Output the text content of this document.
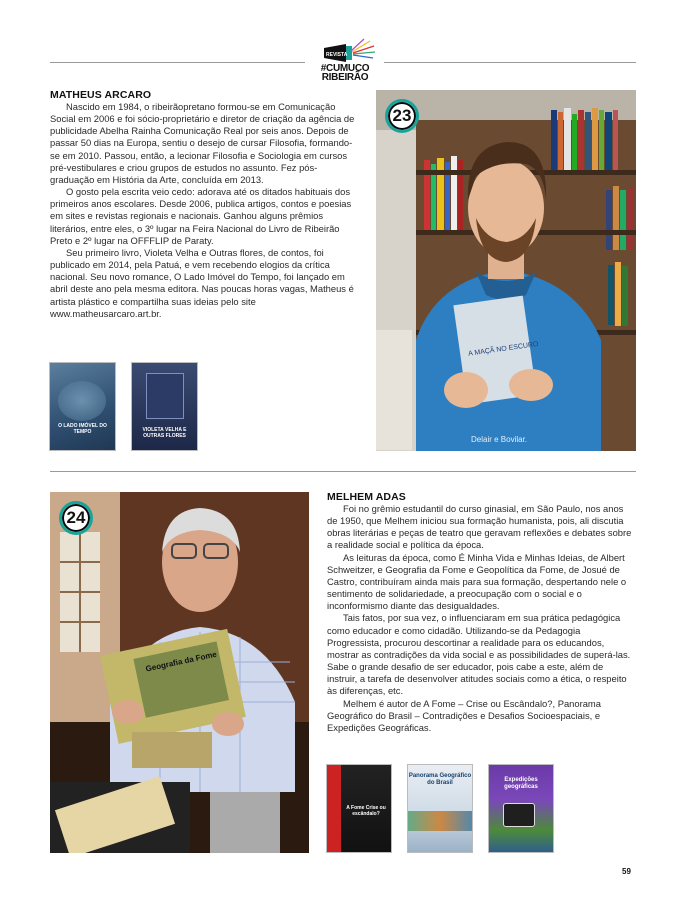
REVISTA
#CUMUCO
RIBEIRÃO
MATHEUS ARCARO

Nascido em 1984, o ribeirãopretano formou-se em Comunicação Social em 2006 e foi sócio-proprietário e diretor de criação da agência de publicidade Abelha Rainha Comunicação Real por seis anos. Depois de passar 50 dias na Europa, sentiu o desejo de cursar Filosofia, formando-se em 2010. Passou, então, a lecionar Filosofia e Sociologia em cursos pré-vestibulares e criou grupos de estudos no assunto. Fez pós-graduação em História da Arte, concluída em 2013.

O gosto pela escrita veio cedo: adorava até os ditados habituais dos primeiros anos escolares. Desde 2006, publica artigos, contos e poesias em sites e revistas regionais e nacionais. Ganhou alguns prêmios literários, entre eles, o 3º lugar na Feira Nacional do Livro de Ribeirão Preto e 2º lugar na OFFFLIP de Paraty.

Seu primeiro livro, Violeta Velha e Outras flores, de contos, foi publicado em 2014, pela Patuá, e vem recebendo elogios da crítica nacional. Seu novo romance, O Lado Imóvel do Tempo, foi lançado em abril deste ano pela mesma editora. Nas poucas horas vagas, Matheus é artista plástico e compartilha suas ideias pelo site www.matheusarcaro.art.br.

O LADO IMÓVEL DO TEMPO	VIOLETA VELHA E OUTRAS FLORES
A MAÇÃ NO ESCURO
Delair e Bovilar.
23
Geografia da Fome
24
MELHEM ADAS

Foi no grêmio estudantil do curso ginasial, em São Paulo, nos anos de 1950, que Melhem iniciou sua formação humanista, pois, ali discutia obras literárias e peças de teatro que geravam reflexões e debates sobre a realidade social e política da época.

As leituras da época, como É Minha Vida e Minhas Ideias, de Albert Schweitzer, e Geografia da Fome e Geopolítica da Fome, de Josué de Castro, contribuíram ainda mais para sua formação, despertando nele o sentimento de solidariedade, a preocupação com o social e o inconformismo diante das desigualdades.

Tais fatos, por sua vez, o influenciaram em sua prática pedagógica como educador e como cidadão. Utilizando-se da Pedagogia Progressista, procurou descortinar a realidade para os educandos, mostrar as contradições da vida social e as possibilidades de superá-las. Sabe o grande desafio de ser educador, pois cabe a este, além de instruir, a tarefa de desenvolver atitudes sociais como a ética, o respeito às diferenças, etc.

Melhem é autor de A Fome – Crise ou Escândalo?, Panorama Geográfico do Brasil – Contradições e Desafios Socioespaciais, e Expedições Geográficas.

A Fome Crise ou escândalo?
Panorama Geográfico do Brasil	Expedições geográficas
59
